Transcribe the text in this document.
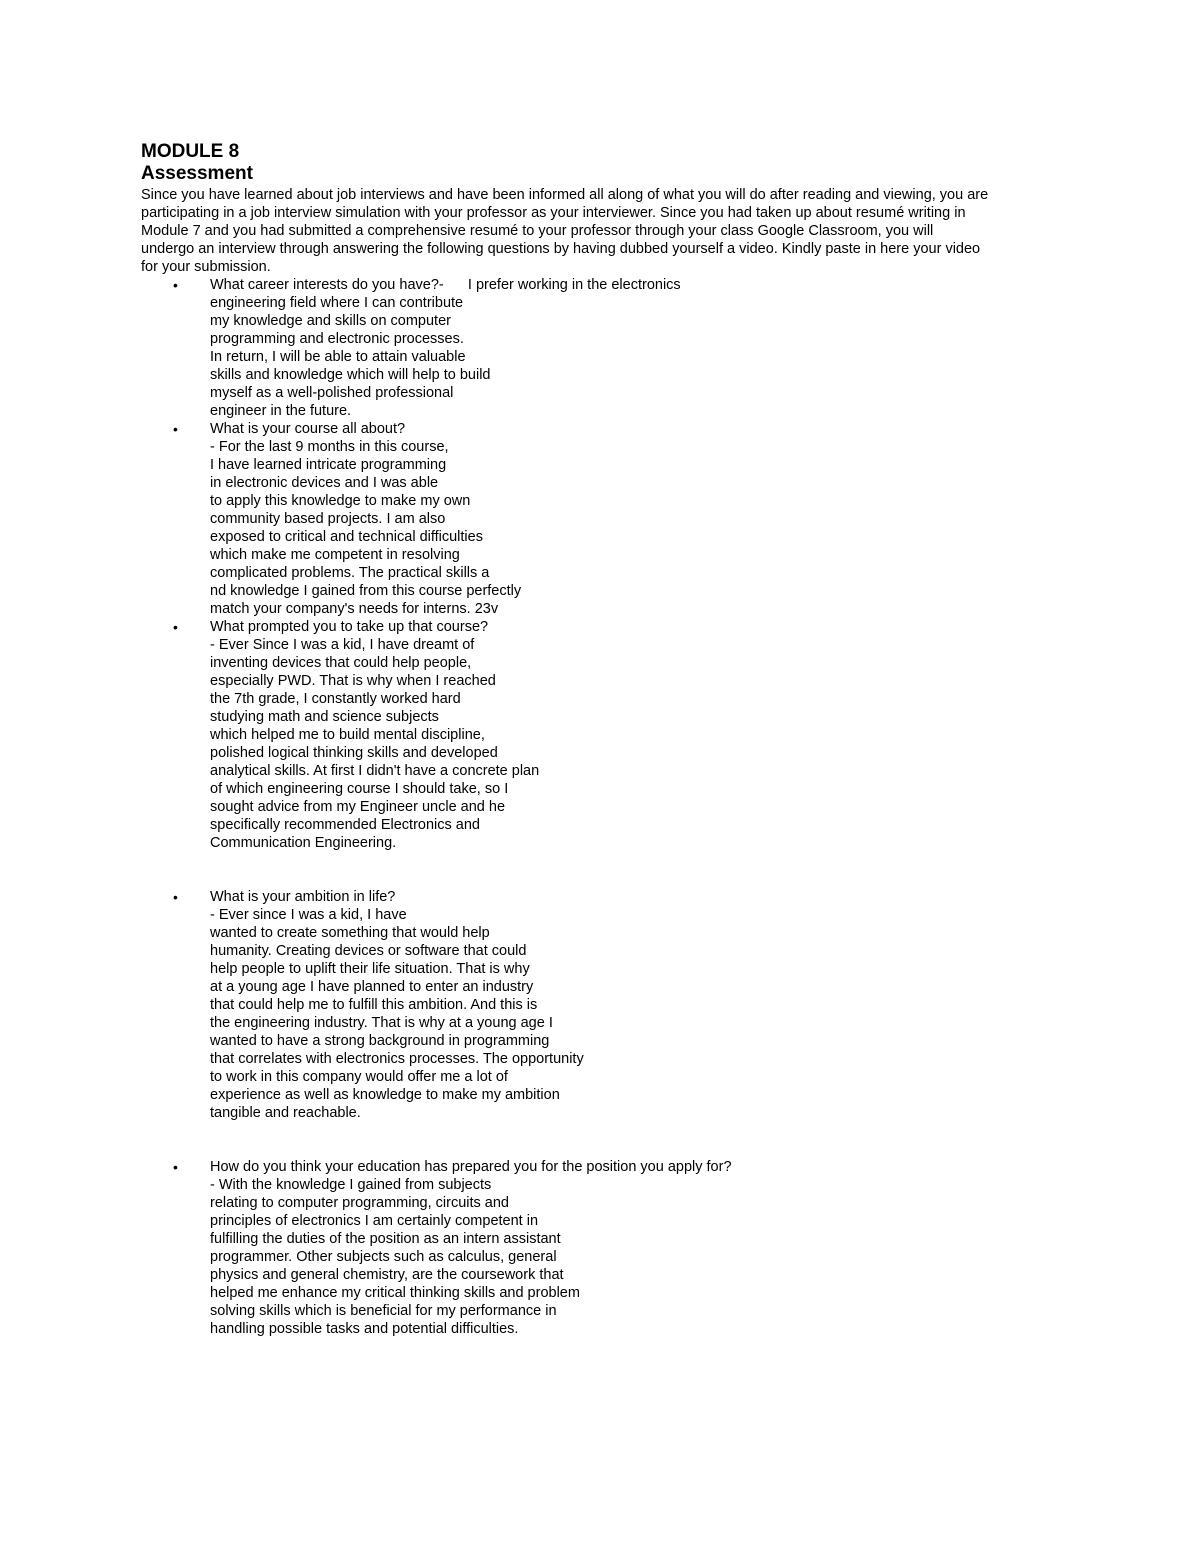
MODULE 8
Assessment

Since you have learned about job interviews and have been informed all along of what you will do after reading and viewing, you are
participating in a job interview simulation with your professor as your interviewer. Since you had taken up about resumé writing in
Module 7 and you had submitted a comprehensive resumé to your professor through your class Google Classroom, you will
undergo an interview through answering the following questions by having dubbed yourself a video. Kindly paste in here your video
for your submission.

• What career interests do you have?-      I prefer working in the electronics
engineering field where I can contribute
my knowledge and skills on computer
programming and electronic processes.
In return, I will be able to attain valuable
skills and knowledge which will help to build
myself as a well-polished professional
engineer in the future.
• What is your course all about?
- For the last 9 months in this course,
I have learned intricate programming
in electronic devices and I was able
to apply this knowledge to make my own
community based projects. I am also
exposed to critical and technical difficulties
which make me competent in resolving
complicated problems. The practical skills a
nd knowledge I gained from this course perfectly
match your company's needs for interns. 23v
• What prompted you to take up that course?
- Ever Since I was a kid, I have dreamt of
inventing devices that could help people,
especially PWD. That is why when I reached
the 7th grade, I constantly worked hard
studying math and science subjects
which helped me to build mental discipline,
polished logical thinking skills and developed
analytical skills. At first I didn't have a concrete plan
of which engineering course I should take, so I
sought advice from my Engineer uncle and he
specifically recommended Electronics and
Communication Engineering.
• What is your ambition in life?
- Ever since I was a kid, I have
wanted to create something that would help
humanity. Creating devices or software that could
help people to uplift their life situation. That is why
at a young age I have planned to enter an industry
that could help me to fulfill this ambition. And this is
the engineering industry. That is why at a young age I
wanted to have a strong background in programming
that correlates with electronics processes. The opportunity
to work in this company would offer me a lot of
experience as well as knowledge to make my ambition
tangible and reachable.
• How do you think your education has prepared you for the position you apply for?
- With the knowledge I gained from subjects
relating to computer programming, circuits and
principles of electronics I am certainly competent in
fulfilling the duties of the position as an intern assistant
programmer. Other subjects such as calculus, general
physics and general chemistry, are the coursework that
helped me enhance my critical thinking skills and problem
solving skills which is beneficial for my performance in
handling possible tasks and potential difficulties.
